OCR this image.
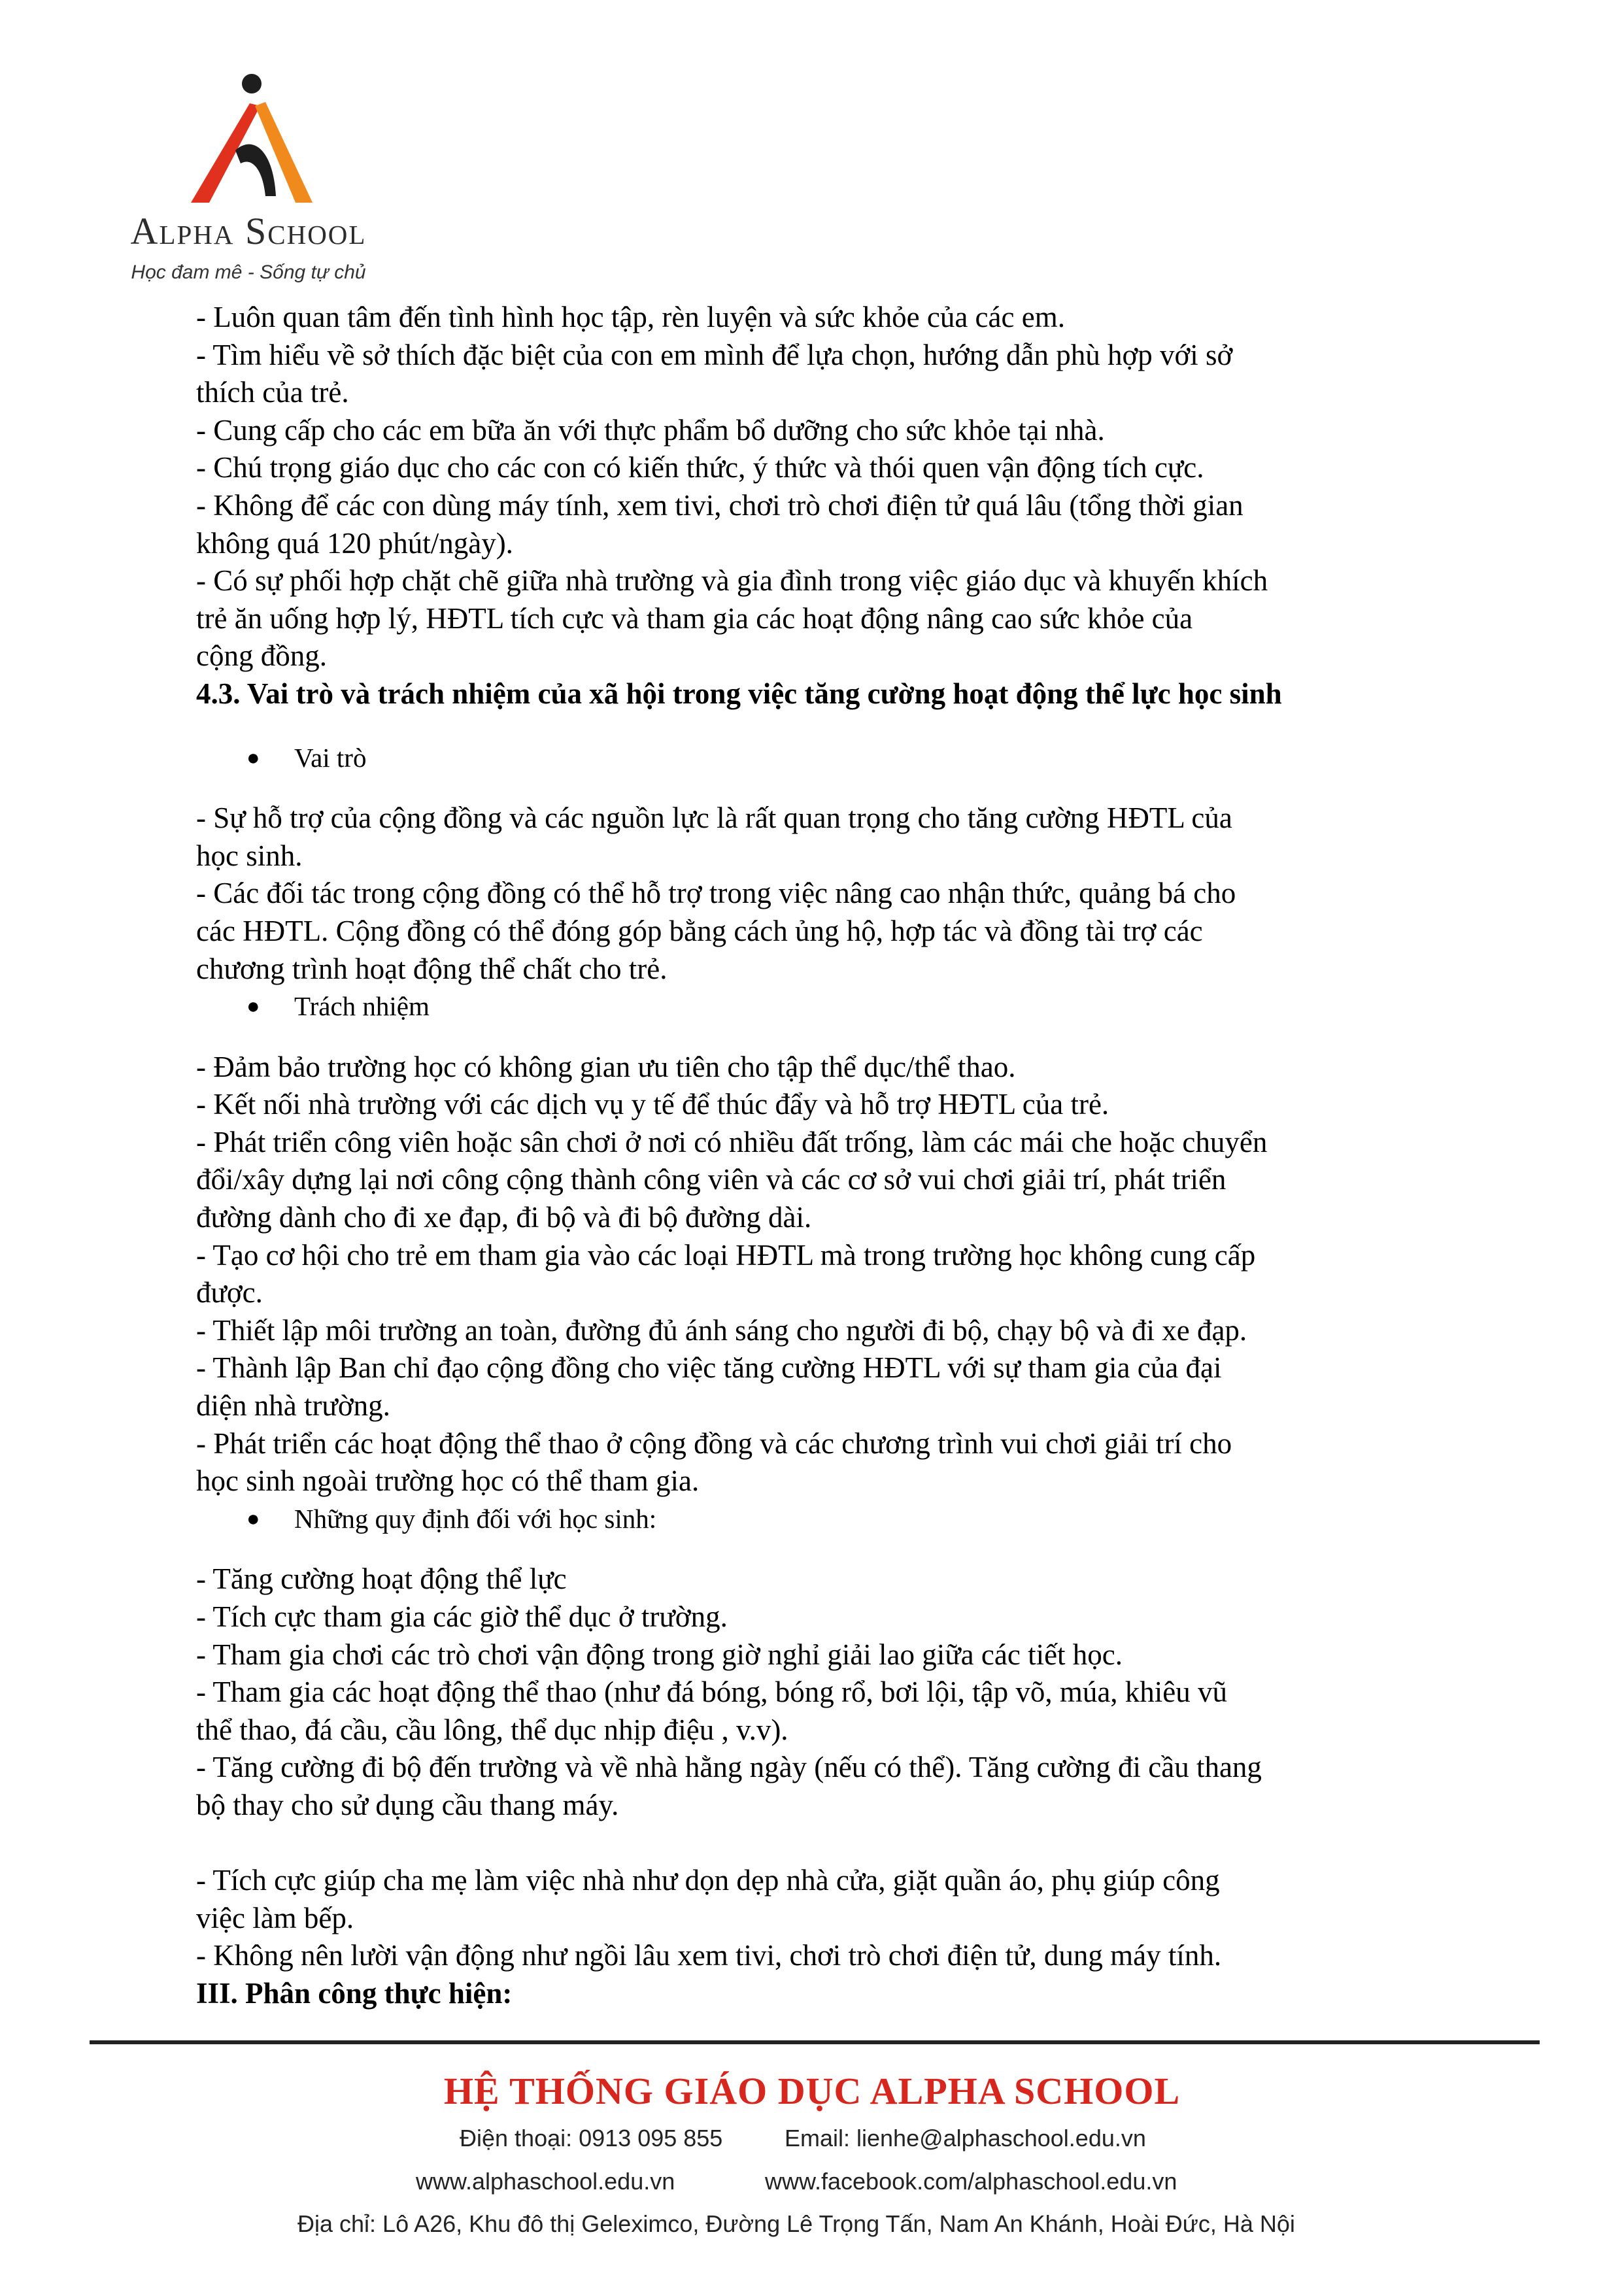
Alpha School
Học đam mê - Sống tự chủ
- Luôn quan tâm đến tình hình học tập, rèn luyện và sức khỏe của các em.
- Tìm hiểu về sở thích đặc biệt của con em mình để lựa chọn, hướng dẫn phù hợp với sở
thích của trẻ.
- Cung cấp cho các em bữa ăn với thực phẩm bổ dưỡng cho sức khỏe tại nhà.
- Chú trọng giáo dục cho các con có kiến thức, ý thức và thói quen vận động tích cực.
- Không để các con dùng máy tính, xem tivi, chơi trò chơi điện tử quá lâu (tổng thời gian
không quá 120 phút/ngày).
- Có sự phối hợp chặt chẽ giữa nhà trường và gia đình trong việc giáo dục và khuyến khích
trẻ ăn uống hợp lý, HĐTL tích cực và tham gia các hoạt động nâng cao sức khỏe của
cộng đồng.
4.3. Vai trò và trách nhiệm của xã hội trong việc tăng cường hoạt động thể lực học sinh
● Vai trò
- Sự hỗ trợ của cộng đồng và các nguồn lực là rất quan trọng cho tăng cường HĐTL của
học sinh.
- Các đối tác trong cộng đồng có thể hỗ trợ trong việc nâng cao nhận thức, quảng bá cho
các HĐTL. Cộng đồng có thể đóng góp bằng cách ủng hộ, hợp tác và đồng tài trợ các
chương trình hoạt động thể chất cho trẻ.
● Trách nhiệm
- Đảm bảo trường học có không gian ưu tiên cho tập thể dục/thể thao.
- Kết nối nhà trường với các dịch vụ y tế để thúc đẩy và hỗ trợ HĐTL của trẻ.
- Phát triển công viên hoặc sân chơi ở nơi có nhiều đất trống, làm các mái che hoặc chuyển
đổi/xây dựng lại nơi công cộng thành công viên và các cơ sở vui chơi giải trí, phát triển
đường dành cho đi xe đạp, đi bộ và đi bộ đường dài.
- Tạo cơ hội cho trẻ em tham gia vào các loại HĐTL mà trong trường học không cung cấp
được.
- Thiết lập môi trường an toàn, đường đủ ánh sáng cho người đi bộ, chạy bộ và đi xe đạp.
- Thành lập Ban chỉ đạo cộng đồng cho việc tăng cường HĐTL với sự tham gia của đại
diện nhà trường.
- Phát triển các hoạt động thể thao ở cộng đồng và các chương trình vui chơi giải trí cho
học sinh ngoài trường học có thể tham gia.
● Những quy định đối với học sinh:
- Tăng cường hoạt động thể lực
- Tích cực tham gia các giờ thể dục ở trường.
- Tham gia chơi các trò chơi vận động trong giờ nghỉ giải lao giữa các tiết học.
- Tham gia các hoạt động thể thao (như đá bóng, bóng rổ, bơi lội, tập võ, múa, khiêu vũ
thể thao, đá cầu, cầu lông, thể dục nhịp điệu , v.v).
- Tăng cường đi bộ đến trường và về nhà hằng ngày (nếu có thể). Tăng cường đi cầu thang
bộ thay cho sử dụng cầu thang máy.
- Tích cực giúp cha mẹ làm việc nhà như dọn dẹp nhà cửa, giặt quần áo, phụ giúp công
việc làm bếp.
- Không nên lười vận động như ngồi lâu xem tivi, chơi trò chơi điện tử, dung máy tính.
III. Phân công thực hiện:
HỆ THỐNG GIÁO DỤC ALPHA SCHOOL
Điện thoại: 0913 095 855	Email: lienhe@alphaschool.edu.vn
www.alphaschool.edu.vn	www.facebook.com/alphaschool.edu.vn
Địa chỉ: Lô A26, Khu đô thị Geleximco, Đường Lê Trọng Tấn, Nam An Khánh, Hoài Đức, Hà Nội
